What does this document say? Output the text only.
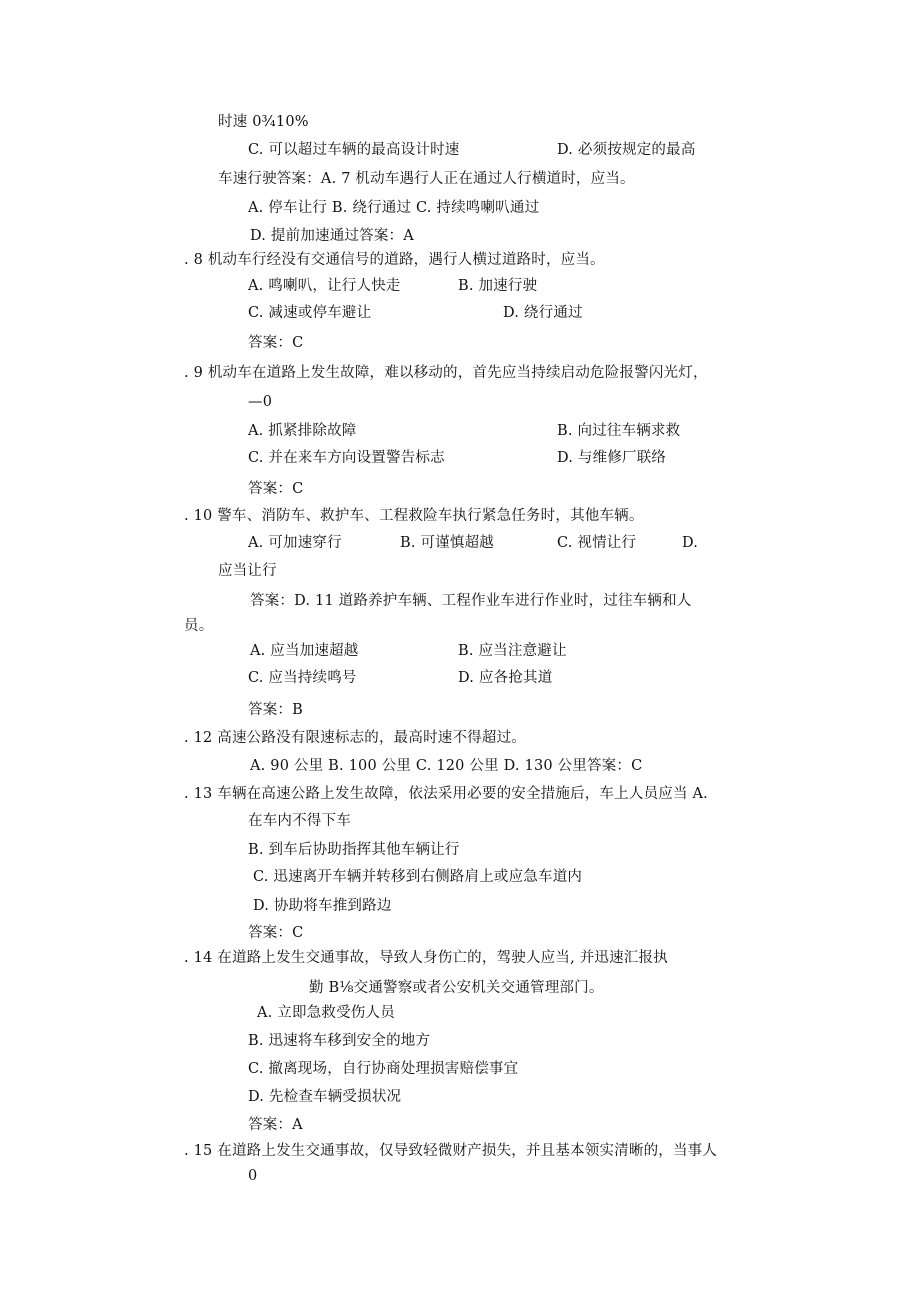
时速 0¾10%
C. 可以超过车辆的最高设计时速	D. 必须按规定的最高
车速行驶答案：A. 7 机动车遇行人正在通过人行横道时，应当。
A. 停车让行 B. 绕行通过 C. 持续鸣喇叭通过
D. 提前加速通过答案：A
. 8 机动车行经没有交通信号的道路，遇行人横过道路时，应当。
A. 鸣喇叭，让行人快走	B. 加速行驶
C. 减速或停车避让	D. 绕行通过
答案：C
. 9 机动车在道路上发生故障，难以移动的，首先应当持续启动危险报警闪光灯，
—0
A. 抓紧排除故障	B. 向过往车辆求救
C. 并在来车方向设置警告标志	D. 与维修厂联络
答案：C
. 10 警车、消防车、救护车、工程救险车执行紧急任务时，其他车辆。
A. 可加速穿行	B. 可谨慎超越	C. 视情让行	D.
应当让行
答案：D. 11 道路养护车辆、工程作业车进行作业时，过往车辆和人
员。
A. 应当加速超越	B. 应当注意避让
C. 应当持续鸣号	D. 应各抢其道
答案：B
. 12 高速公路没有限速标志的，最高时速不得超过。
A. 90 公里 B. 100 公里 C. 120 公里 D. 130 公里答案：C
. 13 车辆在高速公路上发生故障，依法采用必要的安全措施后，车上人员应当 A.
在车内不得下车
B. 到车后协助指挥其他车辆让行
C. 迅速离开车辆并转移到右侧路肩上或应急车道内
D. 协助将车推到路边
答案：C
. 14 在道路上发生交通事故，导致人身伤亡的，驾驶人应当, 并迅速汇报执
勤 B⅛交通警察或者公安机关交通管理部门。
A. 立即急救受伤人员
B. 迅速将车移到安全的地方
C. 撤离现场，自行协商处理损害赔偿事宜
D. 先检查车辆受损状况
答案：A
. 15 在道路上发生交通事故，仅导致轻微财产损失，并且基本领实清晰的，当事人
0
